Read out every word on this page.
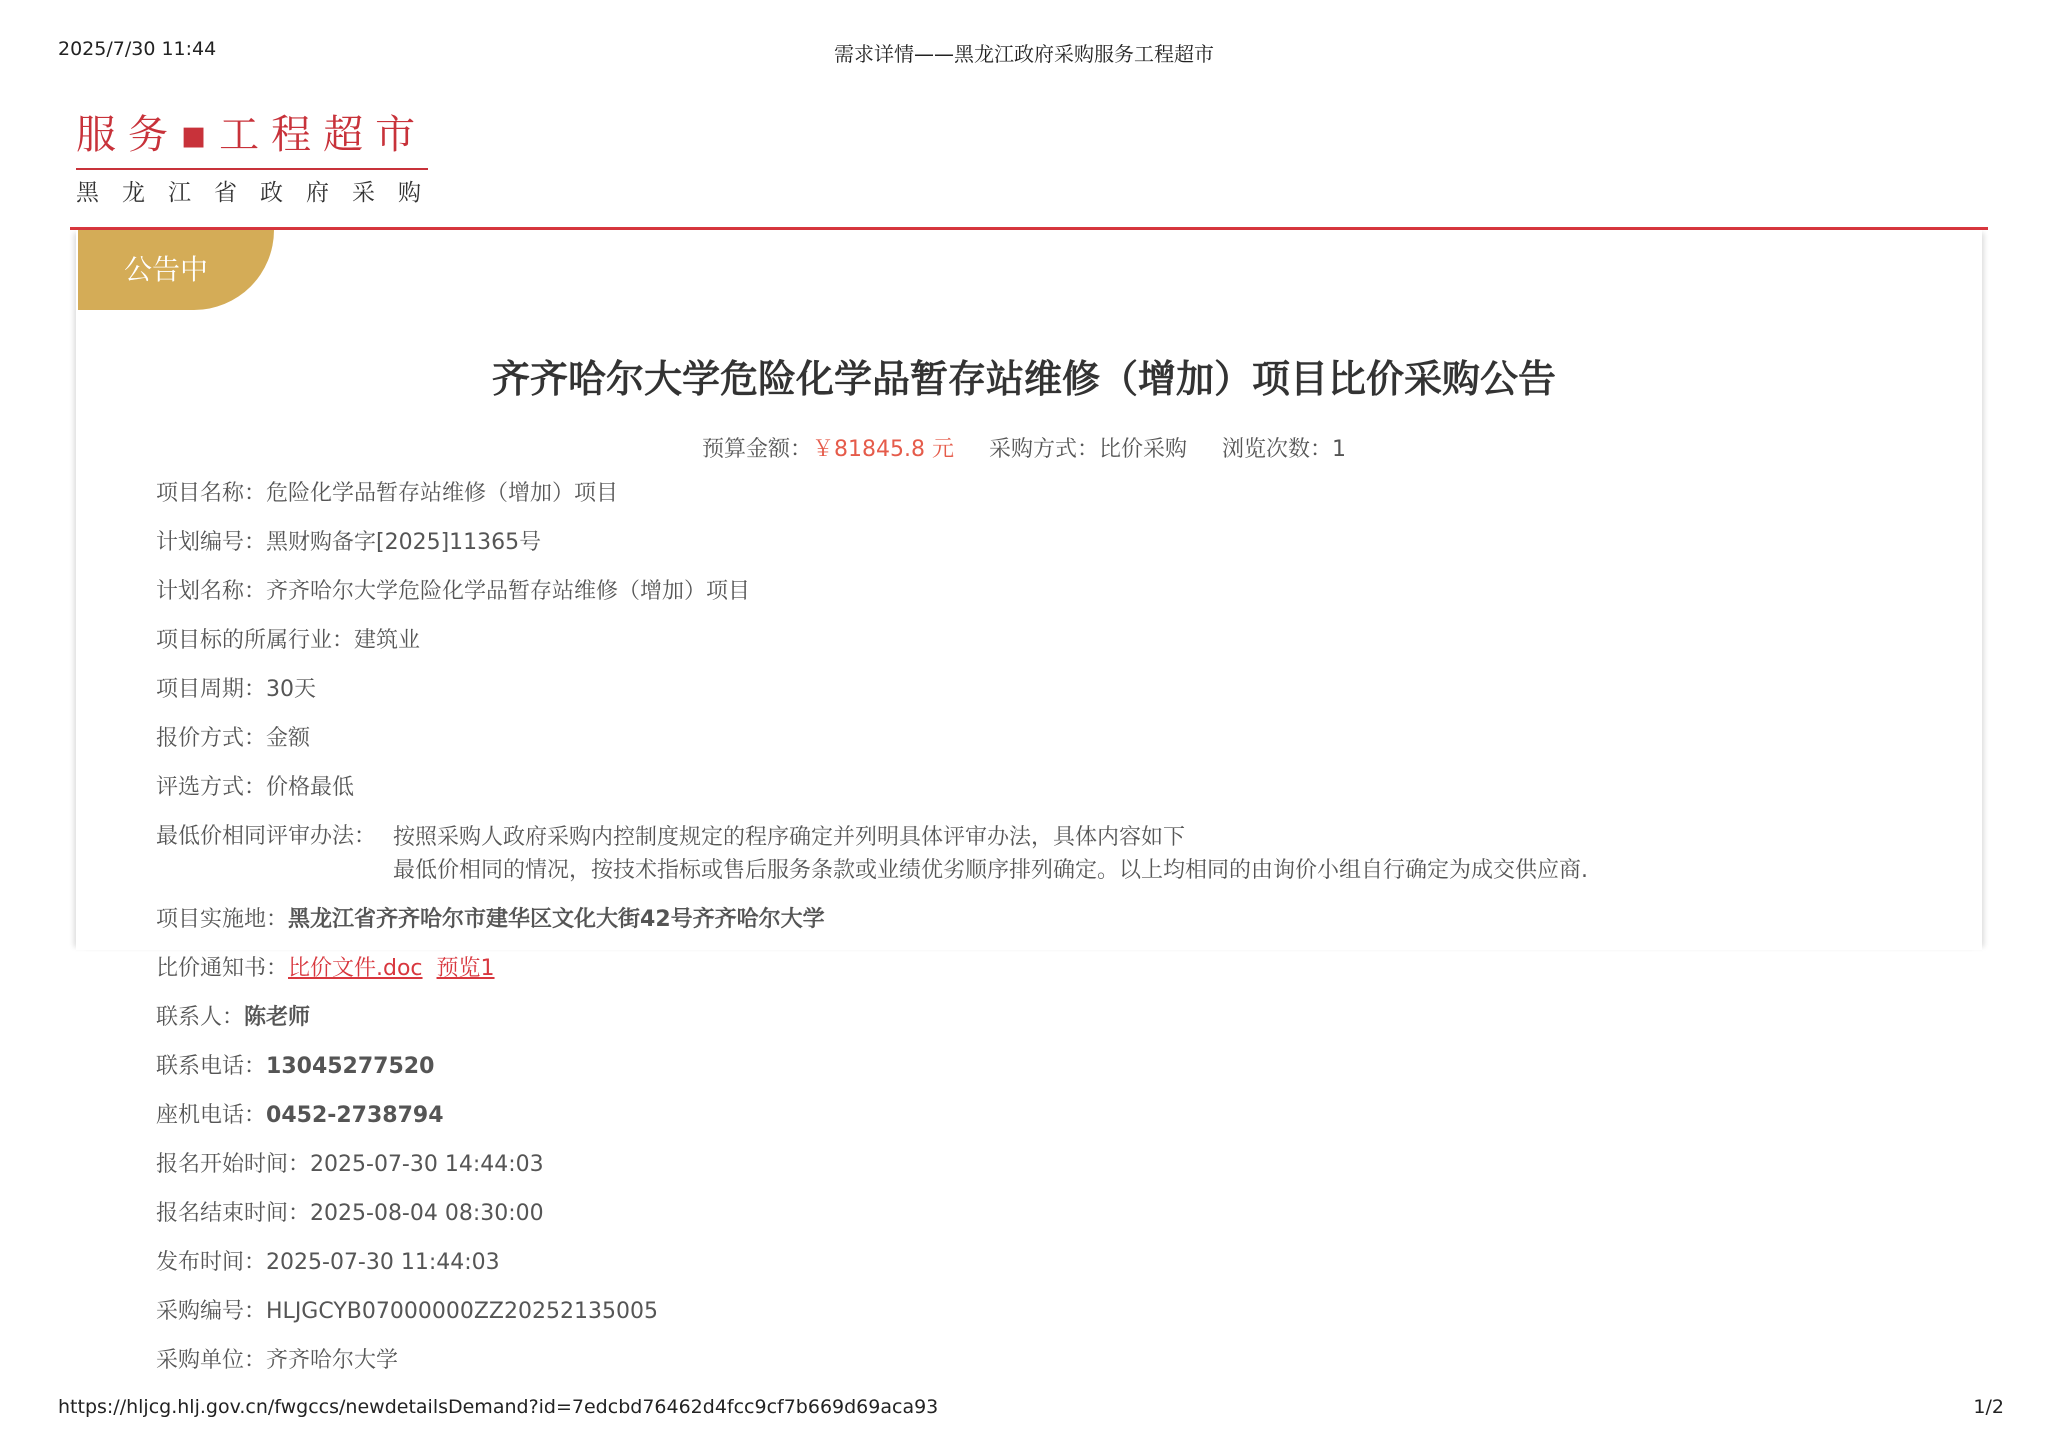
2025/7/30 11:44	需求详情——黑龙江政府采购服务工程超市
服务▪工程超市
黑龙江省政府采购
公告中
齐齐哈尔大学危险化学品暂存站维修（增加）项目比价采购公告
预算金额：￥81845.8 元 采购方式：比价采购 浏览次数：1
项目名称：危险化学品暂存站维修（增加）项目
计划编号：黑财购备字[2025]11365号
计划名称：齐齐哈尔大学危险化学品暂存站维修（增加）项目
项目标的所属行业：建筑业
项目周期：30天
报价方式：金额
评选方式：价格最低
最低价相同评审办法： 按照采购人政府采购内控制度规定的程序确定并列明具体评审办法，具体内容如下
最低价相同的情况，按技术指标或售后服务条款或业绩优劣顺序排列确定。以上均相同的由询价小组自行确定为成交供应商.
项目实施地：黑龙江省齐齐哈尔市建华区文化大街42号齐齐哈尔大学
比价通知书：比价文件.doc 预览1
联系人：陈老师
联系电话：13045277520
座机电话：0452-2738794
报名开始时间：2025-07-30 14:44:03
报名结束时间：2025-08-04 08:30:00
发布时间：2025-07-30 11:44:03
采购编号：HLJGCYB07000000ZZ20252135005
采购单位：齐齐哈尔大学
https://hljcg.hlj.gov.cn/fwgccs/newdetailsDemand?id=7edcbd76462d4fcc9cf7b669d69aca93	1/2
